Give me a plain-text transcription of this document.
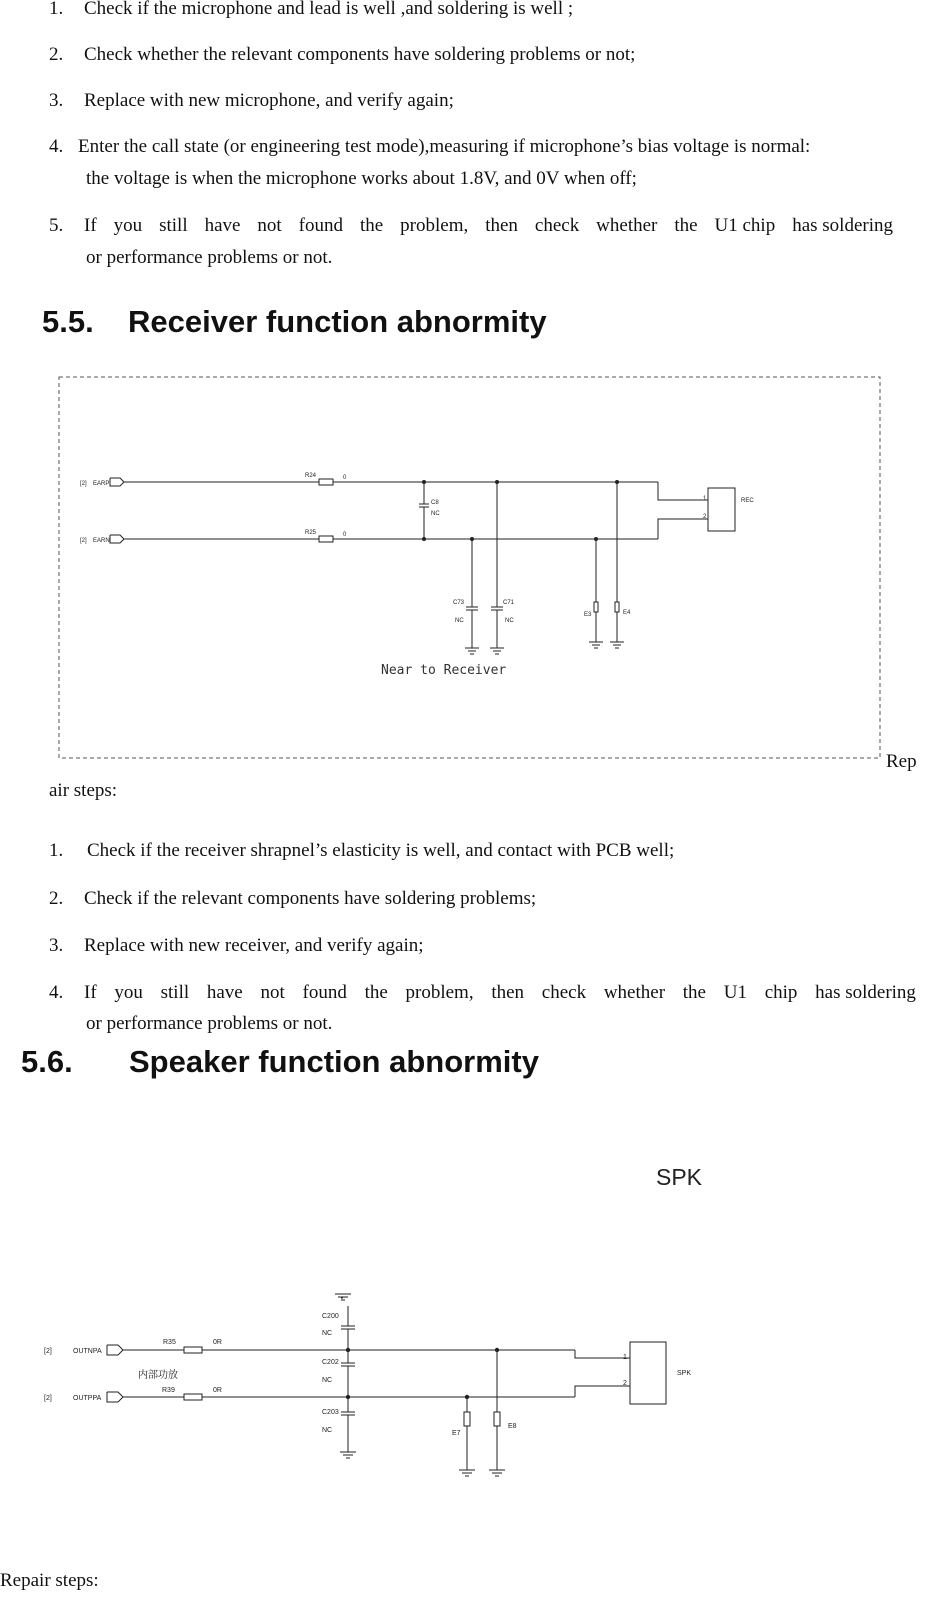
1. Check if the microphone and lead is well ,and soldering is well ;
2. Check whether the relevant components have soldering problems or not;
3. Replace with new microphone, and verify again;
4. Enter the call state (or engineering test mode),measuring if microphone’s bias voltage is normal:
the voltage is when the microphone works about 1.8V, and 0V when off;
5. If you still have not found the problem, then check whether the U1 chip has soldering
or performance problems or not.
5.5. Receiver function abnormity
[2] EARP
[2] EARN
R24	0
R25	0
C8
NC
C73
NC
C71
NC
E3	E4
1
2
REC
Near to Receiver
Rep
air steps:
1. Check if the receiver shrapnel’s elasticity is well, and contact with PCB well;
2. Check if the relevant components have soldering problems;
3. Replace with new receiver, and verify again;
4. If you still have not found the problem, then check whether the U1 chip has soldering
or performance problems or not.
5.6. Speaker function abnormity
SPK
[2]	OUTNPA
[2]	OUTPPA
R35	0R
R39	0R
C200
NC
C202
NC
C203
NC	E7
E8
1
2
SPK
内部功放
Repair steps:
